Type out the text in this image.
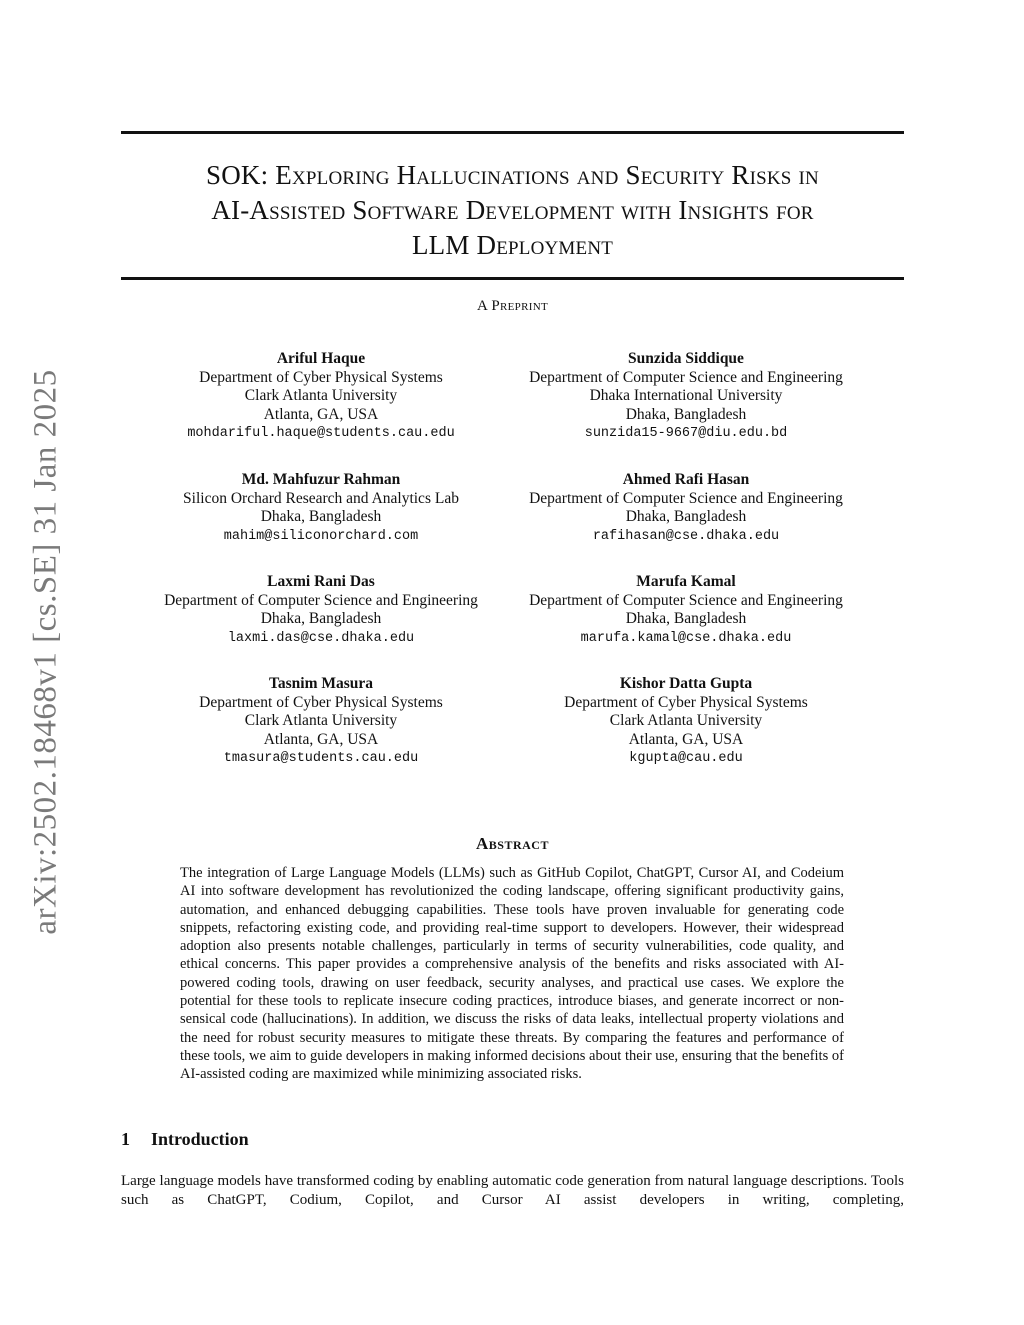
arXiv:2502.18468v1 [cs.SE] 31 Jan 2025
SOK: Exploring Hallucinations and Security Risks in
AI-Assisted Software Development with Insights for
LLM Deployment
A Preprint
Ariful Haque
Department of Cyber Physical Systems
Clark Atlanta University
Atlanta, GA, USA
mohdariful.haque@students.cau.edu
Sunzida Siddique
Department of Computer Science and Engineering
Dhaka International University
Dhaka, Bangladesh
sunzida15-9667@diu.edu.bd
Md. Mahfuzur Rahman
Silicon Orchard Research and Analytics Lab
Dhaka, Bangladesh
mahim@siliconorchard.com
Ahmed Rafi Hasan
Department of Computer Science and Engineering
Dhaka, Bangladesh
rafihasan@cse.dhaka.edu
Laxmi Rani Das
Department of Computer Science and Engineering
Dhaka, Bangladesh
laxmi.das@cse.dhaka.edu
Marufa Kamal
Department of Computer Science and Engineering
Dhaka, Bangladesh
marufa.kamal@cse.dhaka.edu
Tasnim Masura
Department of Cyber Physical Systems
Clark Atlanta University
Atlanta, GA, USA
tmasura@students.cau.edu
Kishor Datta Gupta
Department of Cyber Physical Systems
Clark Atlanta University
Atlanta, GA, USA
kgupta@cau.edu
Abstract
The integration of Large Language Models (LLMs) such as GitHub Copilot, ChatGPT, Cursor AI, and Codeium AI into software development has revolutionized the coding landscape, offering significant productivity gains, automation, and enhanced debugging capabilities. These tools have proven invaluable for generating code snippets, refactoring existing code, and providing real-time support to developers. However, their widespread adoption also presents notable challenges, particularly in terms of security vulnerabilities, code quality, and ethical concerns. This paper provides a comprehensive analysis of the benefits and risks associated with AI-powered coding tools, drawing on user feedback, security analyses, and practical use cases. We explore the potential for these tools to replicate insecure coding practices, introduce biases, and generate incorrect or non-sensical code (hallucinations). In addition, we discuss the risks of data leaks, intellectual property violations and the need for robust security measures to mitigate these threats. By comparing the features and performance of these tools, we aim to guide developers in making informed decisions about their use, ensuring that the benefits of AI-assisted coding are maximized while minimizing associated risks.
1 Introduction
Large language models have transformed coding by enabling automatic code generation from natural language descriptions. Tools such as ChatGPT, Codium, Copilot, and Cursor AI assist developers in writing, completing,
